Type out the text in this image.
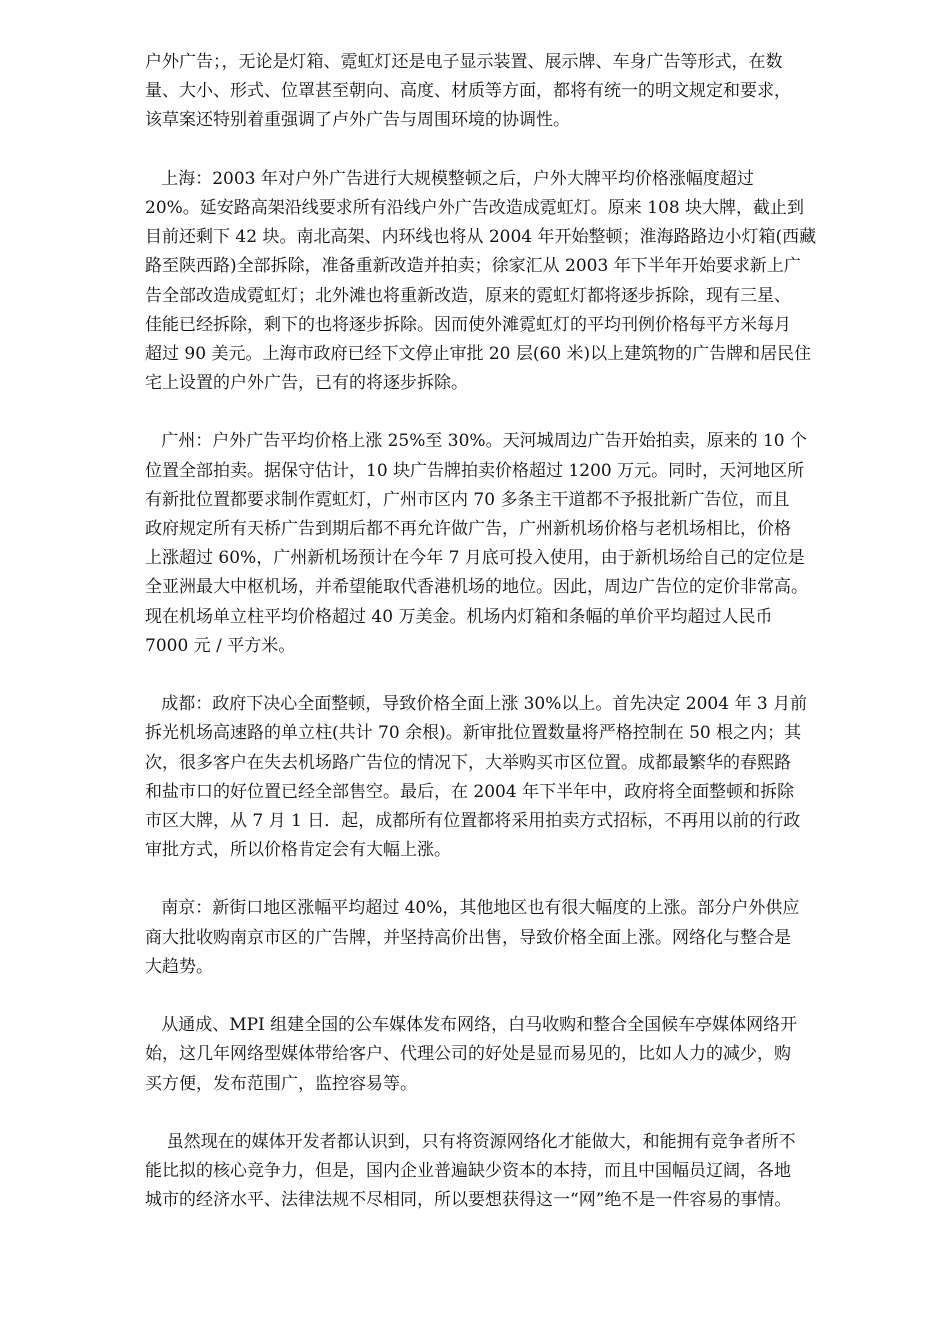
户外广告；，无论是灯箱、霓虹灯还是电子显示装置、展示牌、车身广告等形式，在数
量、大小、形式、位罩甚至朝向、高度、材质等方面，都将有统一的明文规定和要求，
该草案还特别着重强调了卢外广告与周围环境的协调性。
上海：2003 年对户外广告进行大规模整顿之后，户外大牌平均价格涨幅度超过
20%。延安路高架沿线要求所有沿线户外广告改造成霓虹灯。原来 108 块大牌，截止到
目前还剩下 42 块。南北高架、内环线也将从 2004 年开始整顿；淮海路路边小灯箱(西藏
路至陕西路)全部拆除，准备重新改造并拍卖；徐家汇从 2003 年下半年开始要求新上广
告全部改造成霓虹灯；北外滩也将重新改造，原来的霓虹灯都将逐步拆除，现有三星、
佳能已经拆除，剩下的也将逐步拆除。因而使外滩霓虹灯的平均刊例价格每平方米每月
超过 90 美元。上海市政府已经下文停止审批 20 层(60 米)以上建筑物的广告牌和居民住
宅上设置的户外广告，已有的将逐步拆除。
广州：户外广告平均价格上涨 25%至 30%。天河城周边广告开始拍卖，原来的 10 个
位置全部拍卖。据保守估计，10 块广告牌拍卖价格超过 1200 万元。同时，天河地区所
有新批位置都要求制作霓虹灯，广州市区内 70 多条主干道都不予报批新广告位，而且
政府规定所有天桥广告到期后都不再允许做广告，广州新机场价格与老机场相比，价格
上涨超过 60%，广州新机场预计在今年 7 月底可投入使用，由于新机场给自己的定位是
全亚洲最大中枢机场，并希望能取代香港机场的地位。因此，周边广告位的定价非常高。
现在机场单立柱平均价格超过 40 万美金。机场内灯箱和条幅的单价平均超过人民币
7000 元 / 平方米。
成都：政府下决心全面整顿，导致价格全面上涨 30%以上。首先决定 2004 年 3 月前
拆光机场高速路的单立柱(共计 70 余根)。新审批位置数量将严格控制在 50 根之内；其
次，很多客户在失去机场路广告位的情况下，大举购买市区位置。成都最繁华的春熙路
和盐市口的好位置已经全部售空。最后，在 2004 年下半年中，政府将全面整顿和拆除
市区大牌，从 7 月 1 日．起，成都所有位置都将采用拍卖方式招标，不再用以前的行政
审批方式，所以价格肯定会有大幅上涨。
南京：新街口地区涨幅平均超过 40%，其他地区也有很大幅度的上涨。部分户外供应
商大批收购南京市区的广告牌，并坚持高价出售，导致价格全面上涨。网络化与整合是
大趋势。
从通成、MPI 组建全国的公车媒体发布网络，白马收购和整合全国候车亭媒体网络开
始，这几年网络型媒体带给客户、代理公司的好处是显而易见的，比如人力的减少，购
买方便，发布范围广，监控容易等。
虽然现在的媒体开发者都认识到，只有将资源网络化才能做大，和能拥有竞争者所不
能比拟的核心竞争力，但是，国内企业普遍缺少资本的本持，而且中国幅员辽阔，各地
城市的经济水平、法律法规不尽相同，所以要想获得这一“网”绝不是一件容易的事情。
